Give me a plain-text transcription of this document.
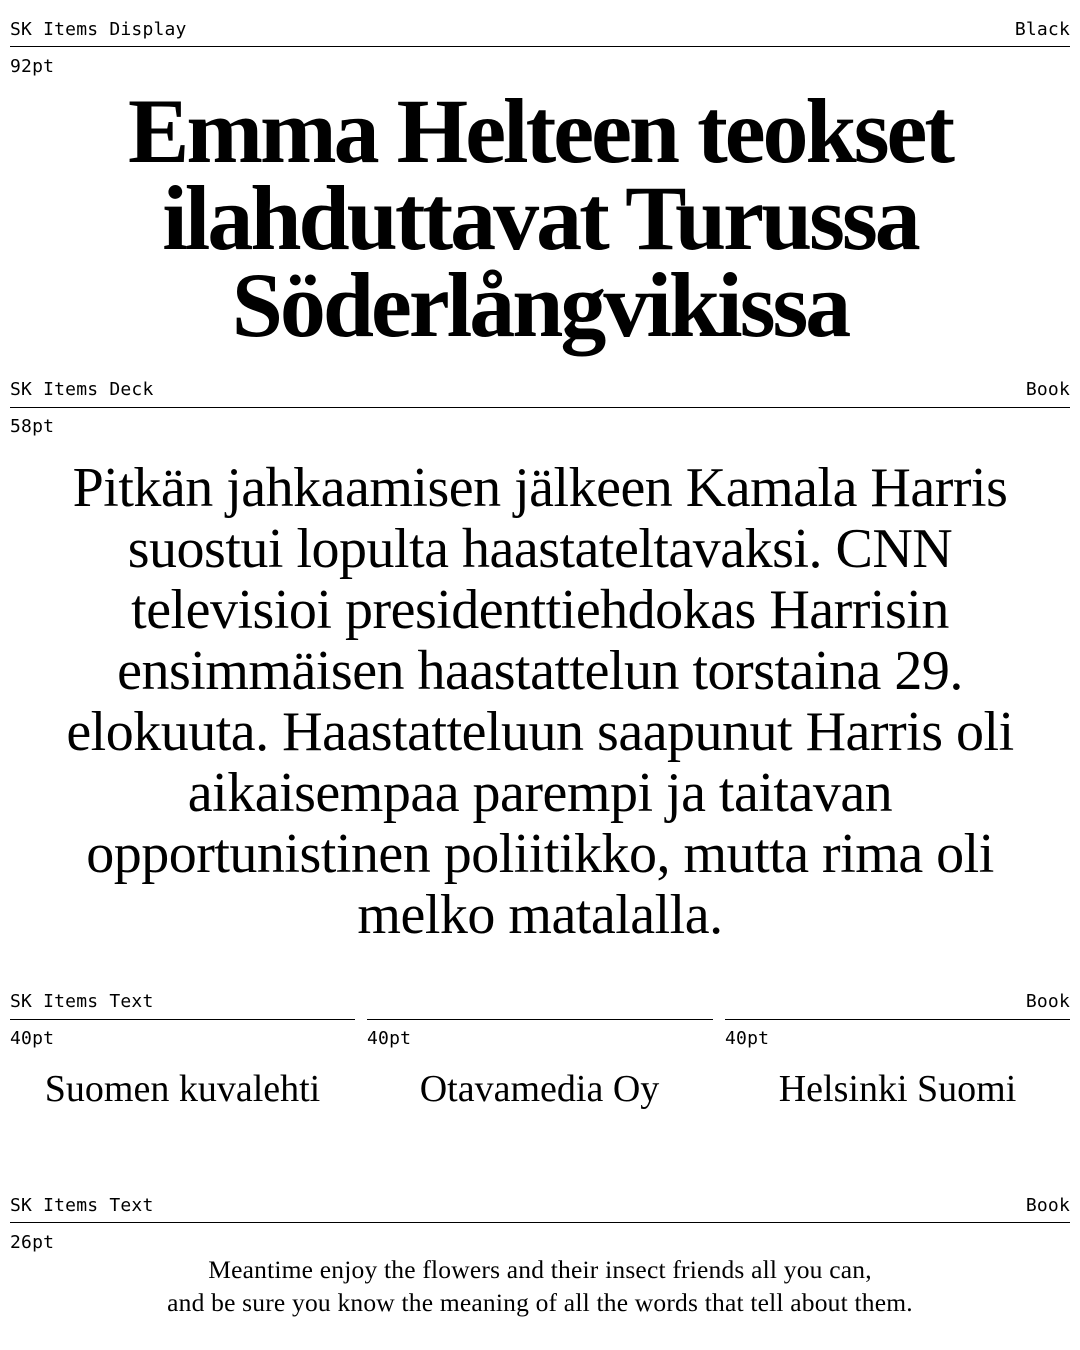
SK Items Display	Black
92pt

Emma Helteen teokset ilahduttavat Turussa Söderlångvikissa

SK Items Deck	Book
58pt

Pitkän jahkaamisen jälkeen Kamala Harris suostui lopulta haastateltavaksi. CNN televisioi presidenttiehdokas Harrisin ensimmäisen haastattelun torstaina 29. elokuuta. Haastatteluun saapunut Harris oli aikaisempaa parempi ja taitavan opportunistinen poliitikko, mutta rima oli melko matalalla.

SK Items Text	Book
40pt	40pt	40pt

Suomen kuvalehti	Otavamedia Oy	Helsinki Suomi

SK Items Text	Book
26pt
Meantime enjoy the flowers and their insect friends all you can,
and be sure you know the meaning of all the words that tell about them.
